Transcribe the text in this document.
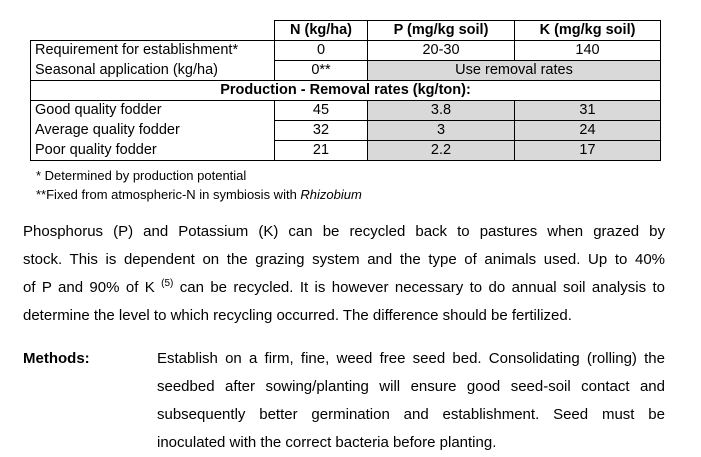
	N (kg/ha)	P (mg/kg soil)	K (mg/kg soil)
Requirement for establishment*	0	20-30	140
Seasonal application (kg/ha)	0**	Use removal rates	
Production - Removal rates (kg/ton):			
Good quality fodder	45	3.8	31
Average quality fodder	32	3	24
Poor quality fodder	21	2.2	17
* Determined by production potential
**Fixed from atmospheric-N in symbiosis with Rhizobium
Phosphorus (P) and Potassium (K) can be recycled back to pastures when grazed by
stock. This is dependent on the grazing system and the type of animals used. Up to 40%
of P and 90% of K $^{(5)}$ can be recycled. It is however necessary to do annual soil analysis to
determine the level to which recycling occurred. The difference should be fertilized.
Methods:	Establish on a firm, fine, weed free seed bed. Consolidating (rolling) the
seedbed after sowing/planting will ensure good seed-soil contact and
subsequently better germination and establishment. Seed must be
inoculated with the correct bacteria before planting.
